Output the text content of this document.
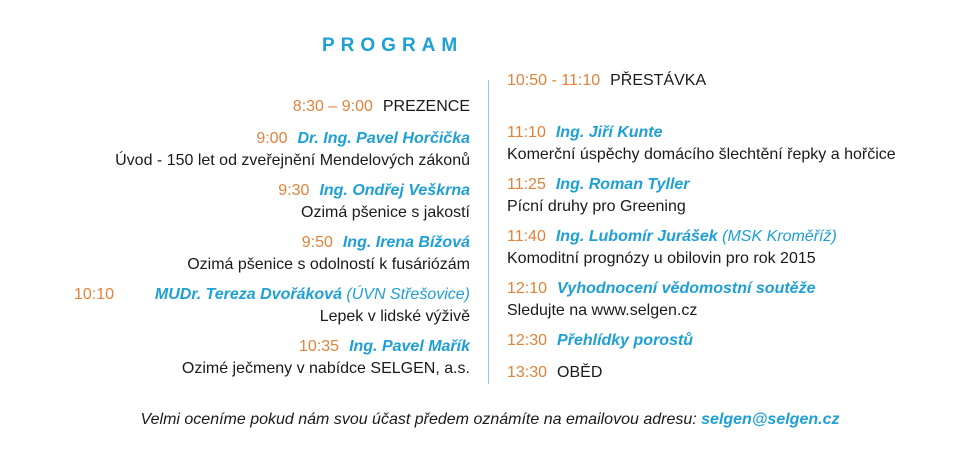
PROGRAM
8:30 – 9:00 PREZENCE
9:00 Dr. Ing. Pavel Horčička
Úvod - 150 let od zveřejnění Mendelových zákonů
9:30 Ing. Ondřej Veškrna
Ozimá pšenice s jakostí
9:50 Ing. Irena Bížová
Ozimá pšenice s odolností k fusáriózám
10:10	MUDr. Tereza Dvořáková (ÚVN Střešovice)
Lepek v lidské výživě
10:35 Ing. Pavel Mařík
Ozimé ječmeny v nabídce SELGEN, a.s.
10:50 - 11:10 PŘESTÁVKA
11:10 Ing. Jiří Kunte
Komerční úspěchy domácího šlechtění řepky a hořčice
11:25 Ing. Roman Tyller
Pícní druhy pro Greening
11:40 Ing. Lubomír Jurášek (MSK Kroměříž)
Komoditní prognózy u obilovin pro rok 2015
12:10 Vyhodnocení vědomostní soutěže
Sledujte na www.selgen.cz
12:30 Přehlídky porostů
13:30 OBĚD
Velmi oceníme pokud nám svou účast předem oznámíte na emailovou adresu: selgen@selgen.cz
